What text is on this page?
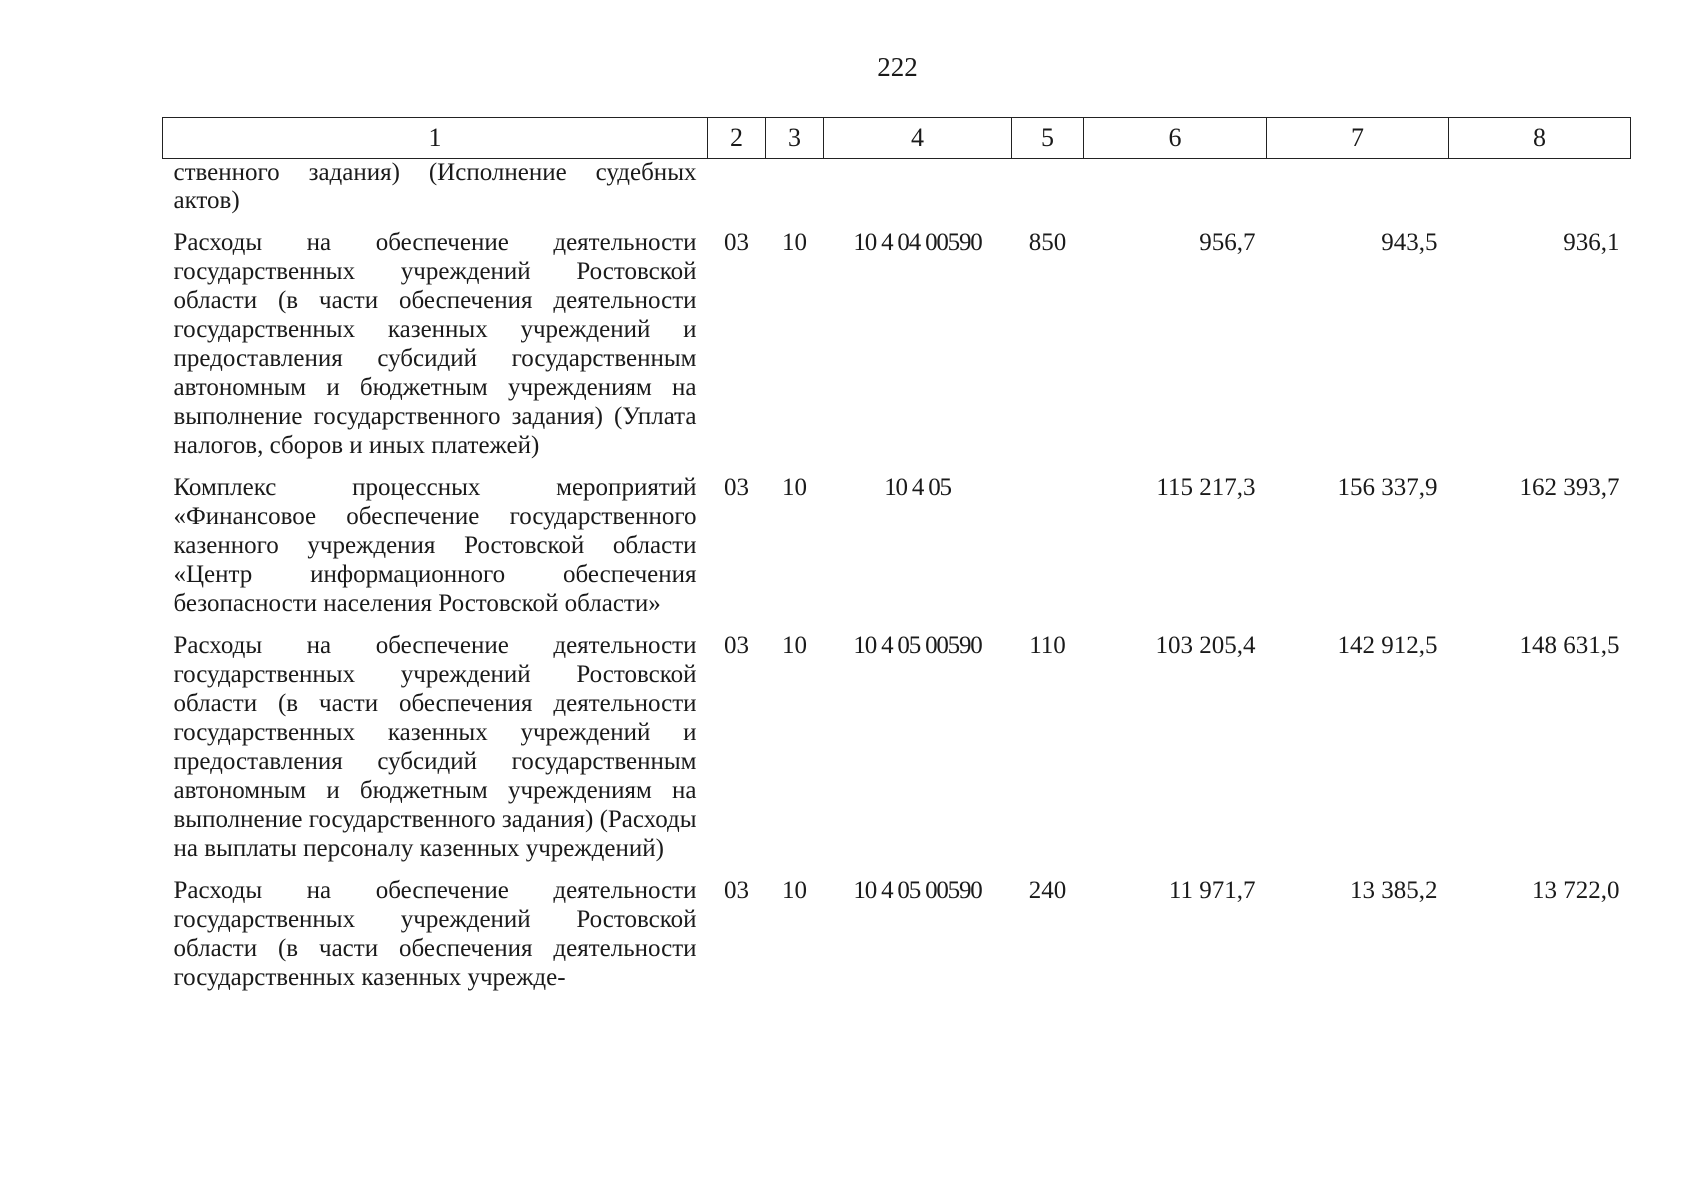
222
1	2	3	4	5	6	7	8
ственного задания) (Исполнение судебных актов)							
Расходы на обеспечение деятельности государственных учреждений Ростовской области (в части обеспечения деятельности государственных казенных учреждений и предоставления субсидий государственным автономным и бюджетным учреждениям на выполнение государственного задания) (Уплата налогов, сборов и иных платежей)	03	10	10 4 04 00590	850	956,7	943,5	936,1
Комплекс процессных мероприятий «Финансовое обеспечение государственного казенного учреждения Ростовской области «Центр информационного обеспечения безопасности населения Ростовской области»	03	10	10 4 05		115 217,3	156 337,9	162 393,7
Расходы на обеспечение деятельности государственных учреждений Ростовской области (в части обеспечения деятельности государственных казенных учреждений и предоставления субсидий государственным автономным и бюджетным учреждениям на выполнение государственного задания) (Расходы на выплаты персоналу казенных учреждений)	03	10	10 4 05 00590	110	103 205,4	142 912,5	148 631,5
Расходы на обеспечение деятельности государственных учреждений Ростовской области (в части обеспечения деятельности государственных казенных учрежде-	03	10	10 4 05 00590	240	11 971,7	13 385,2	13 722,0
